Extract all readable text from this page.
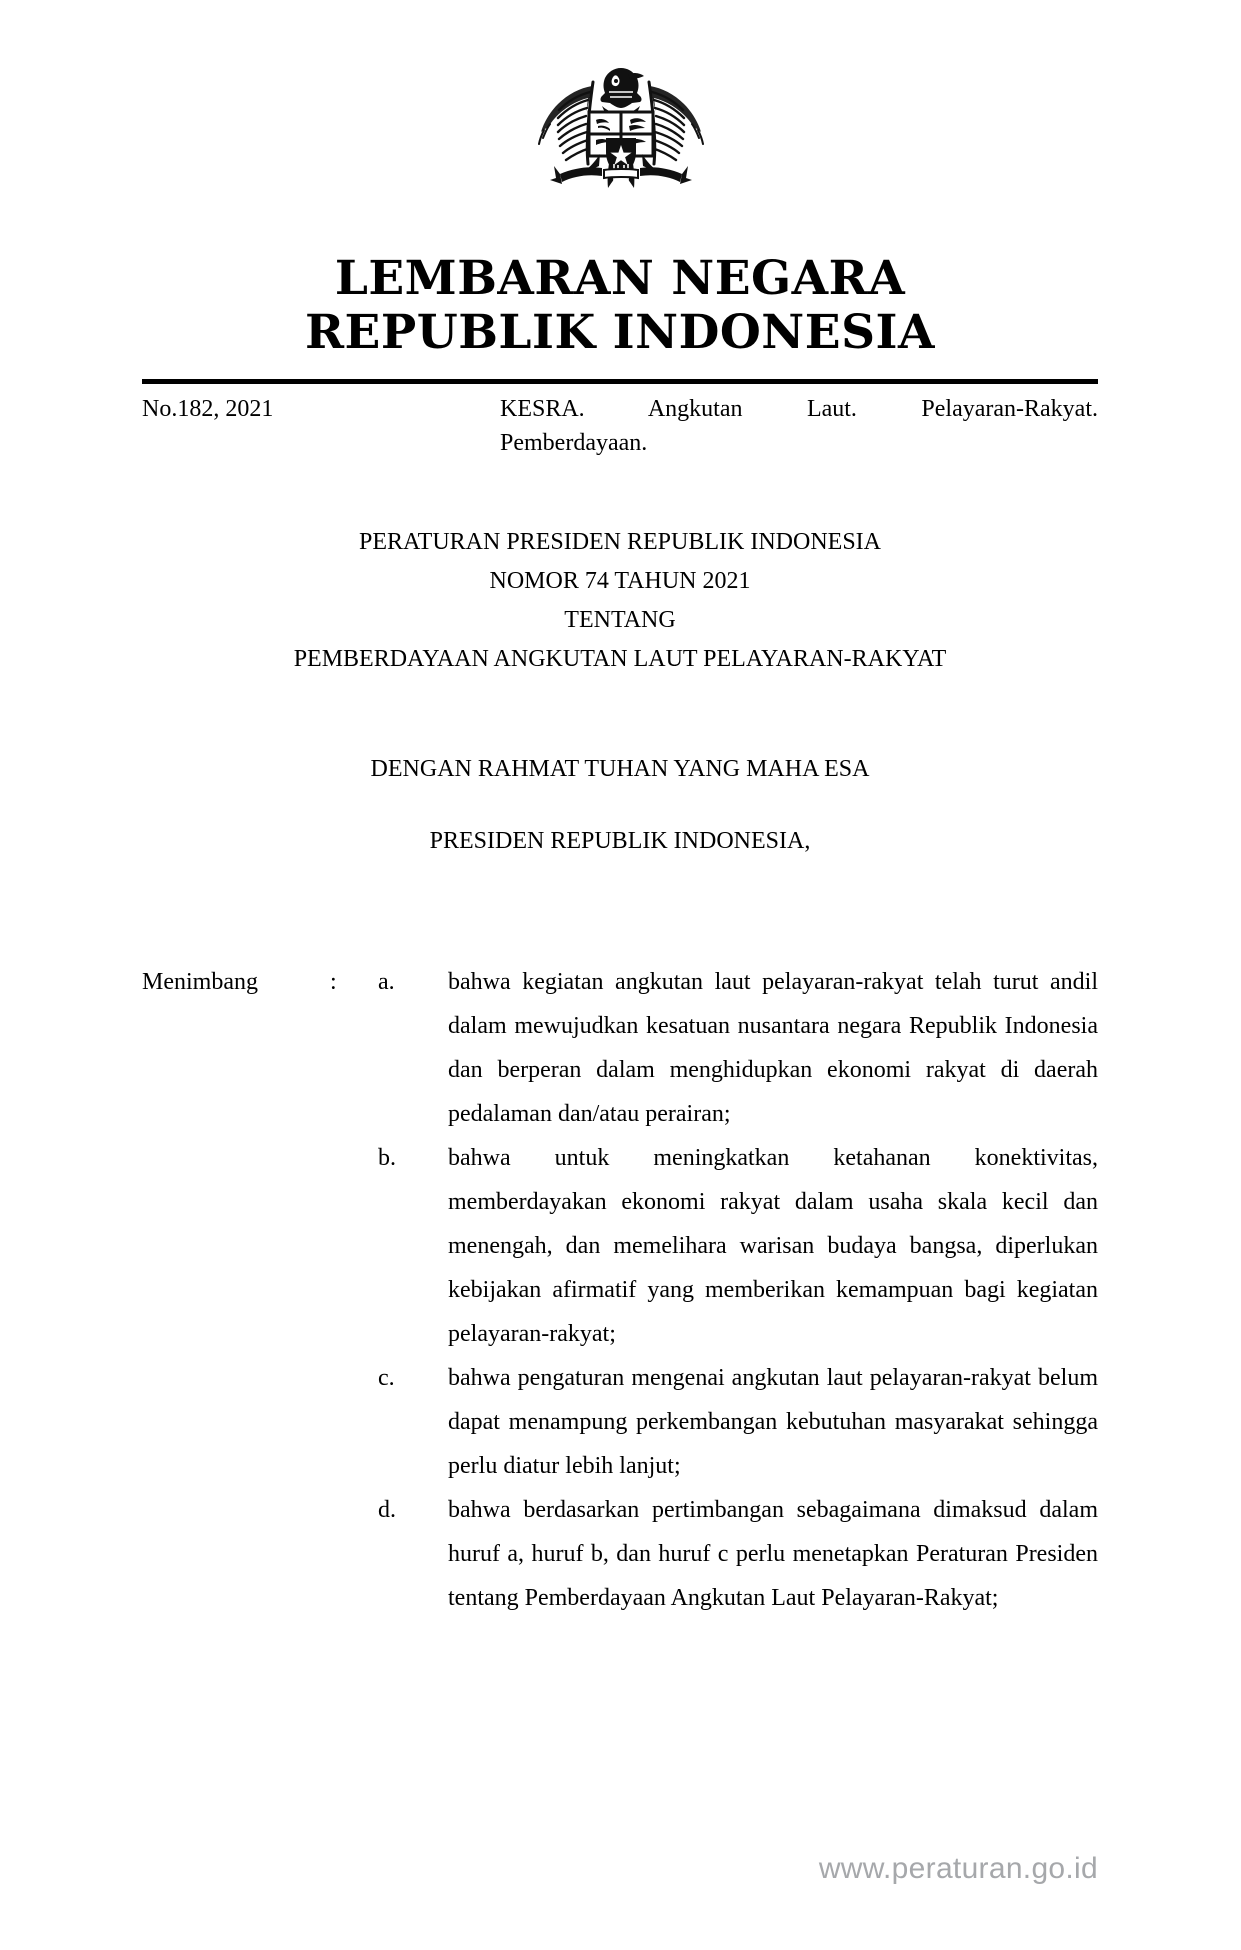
LEMBARAN NEGARA
REPUBLIK INDONESIA
No.182, 2021	KESRA. Angkutan Laut. Pelayaran-Rakyat.
Pemberdayaan.
PERATURAN PRESIDEN REPUBLIK INDONESIA
NOMOR 74 TAHUN 2021
TENTANG
PEMBERDAYAAN ANGKUTAN LAUT PELAYARAN-RAKYAT
DENGAN RAHMAT TUHAN YANG MAHA ESA
PRESIDEN REPUBLIK INDONESIA,
Menimbang	: a. bahwa kegiatan angkutan laut pelayaran-rakyat telah turut andil dalam mewujudkan kesatuan nusantara negara Republik Indonesia dan berperan dalam menghidupkan ekonomi rakyat di daerah pedalaman dan/atau perairan;
b. bahwa untuk meningkatkan ketahanan konektivitas, memberdayakan ekonomi rakyat dalam usaha skala kecil dan menengah, dan memelihara warisan budaya bangsa, diperlukan kebijakan afirmatif yang memberikan kemampuan bagi kegiatan pelayaran-rakyat;
c. bahwa pengaturan mengenai angkutan laut pelayaran-rakyat belum dapat menampung perkembangan kebutuhan masyarakat sehingga perlu diatur lebih lanjut;
d. bahwa berdasarkan pertimbangan sebagaimana dimaksud dalam huruf a, huruf b, dan huruf c perlu menetapkan Peraturan Presiden tentang Pemberdayaan Angkutan Laut Pelayaran-Rakyat;
www.peraturan.go.id
